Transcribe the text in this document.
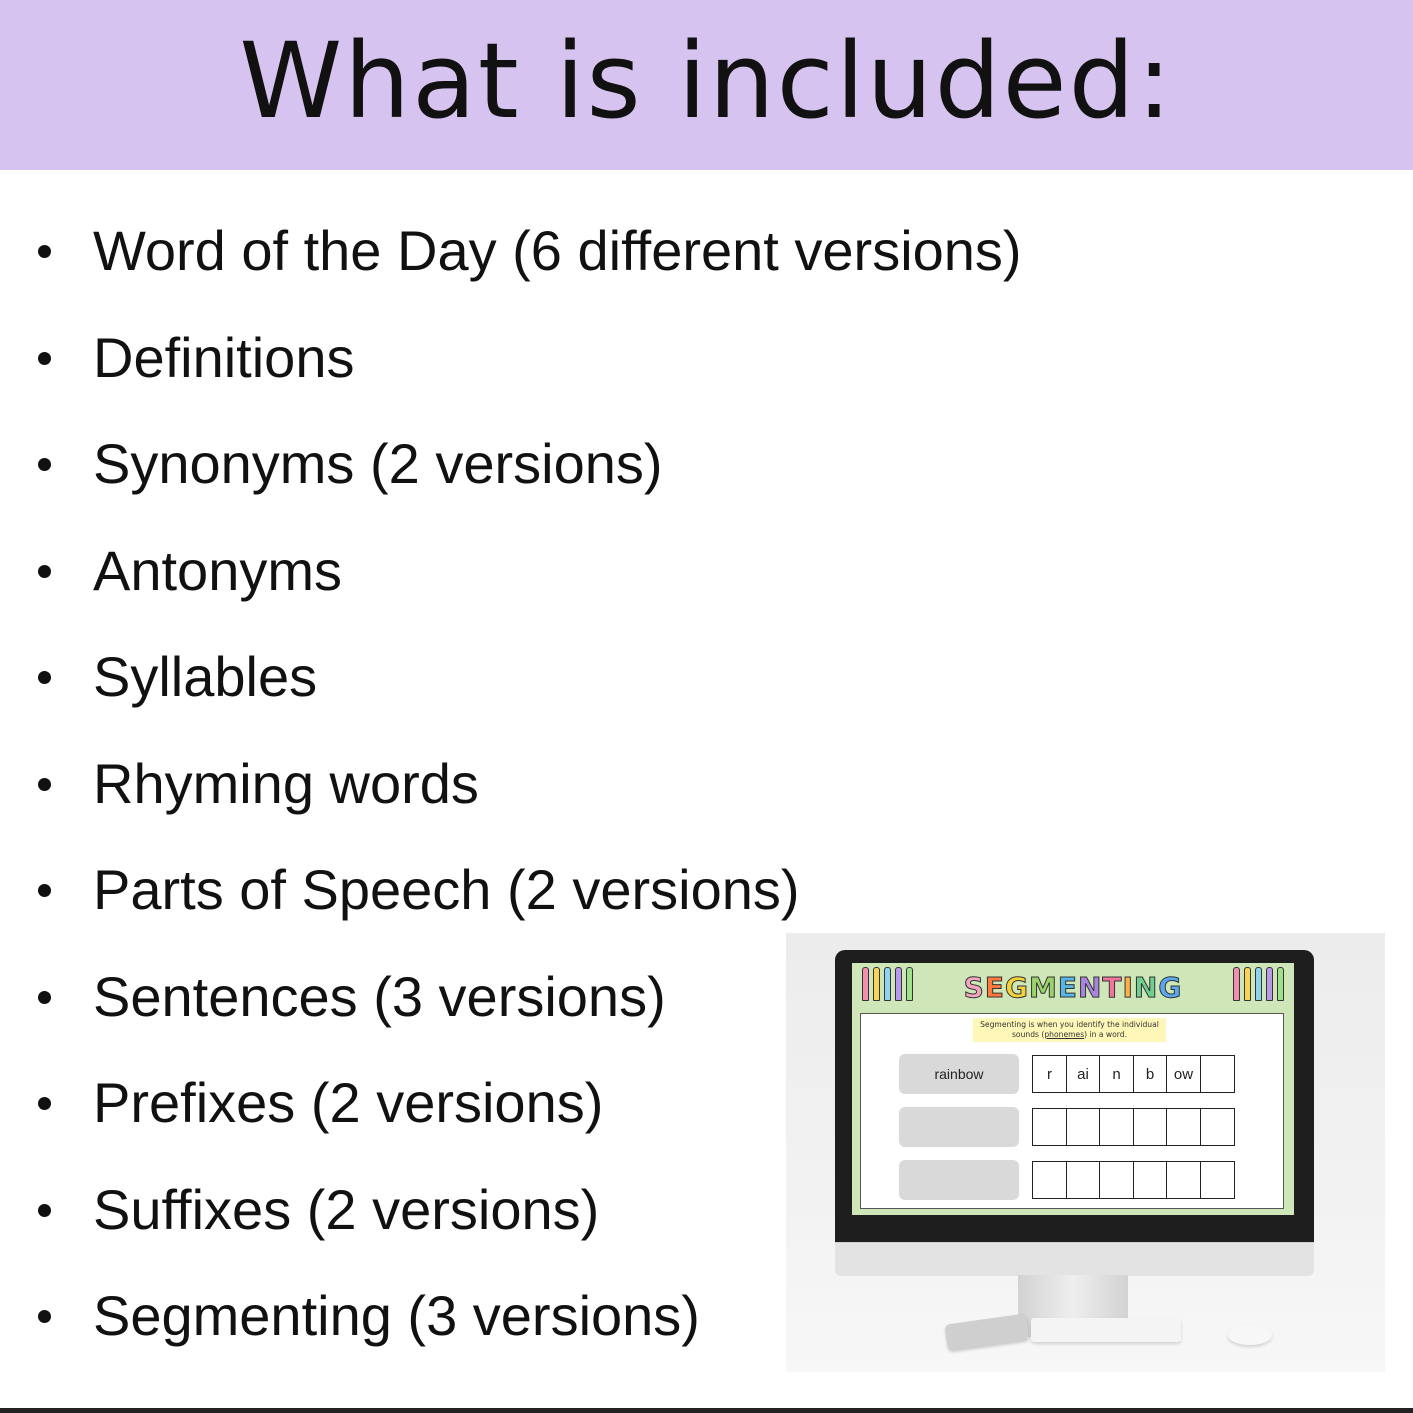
What is included:
Word of the Day (6 different versions)
Definitions
Synonyms (2 versions)
Antonyms
Syllables
Rhyming words
Parts of Speech (2 versions)
Sentences (3 versions)
Prefixes (2 versions)
Suffixes (2 versions)
Segmenting (3 versions)
SEGMENTING
Segmenting is when you identify the individual sounds (phonemes) in a word.
rainbow	r	ai	n	b	ow
